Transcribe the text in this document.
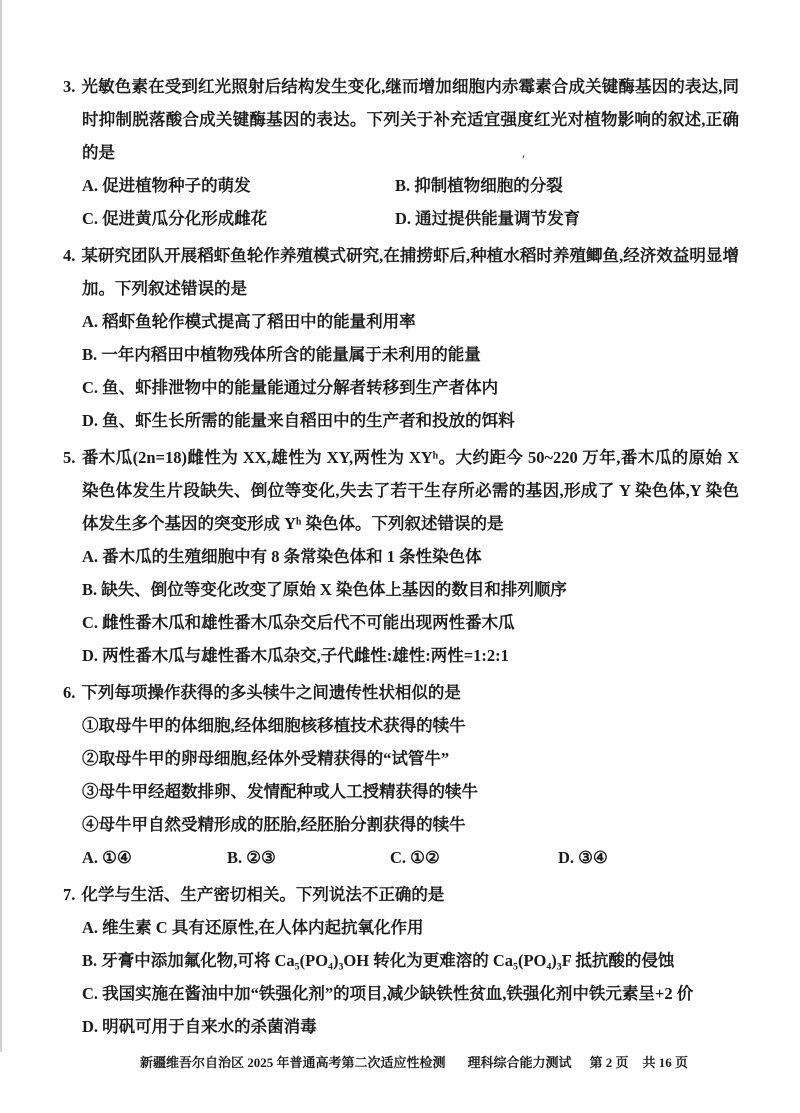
'

3. 光敏色素在受到红光照射后结构发生变化,继而增加细胞内赤霉素合成关键酶基因的表达,同时抑制脱落酸合成关键酶基因的表达。下列关于补充适宜强度红光对植物影响的叙述,正确的是

A. 促进植物种子的萌发	B. 抑制植物细胞的分裂
C. 促进黄瓜分化形成雌花	D. 通过提供能量调节发育

4. 某研究团队开展稻虾鱼轮作养殖模式研究,在捕捞虾后,种植水稻时养殖鲫鱼,经济效益明显增加。下列叙述错误的是

A. 稻虾鱼轮作模式提高了稻田中的能量利用率

B. 一年内稻田中植物残体所含的能量属于未利用的能量

C. 鱼、虾排泄物中的能量能通过分解者转移到生产者体内

D. 鱼、虾生长所需的能量来自稻田中的生产者和投放的饵料

5. 番木瓜(2n=18)雌性为 XX,雄性为 XY,两性为 XYʰ。大约距今 50~220 万年,番木瓜的原始 X 染色体发生片段缺失、倒位等变化,失去了若干生存所必需的基因,形成了 Y 染色体,Y 染色体发生多个基因的突变形成 Yʰ 染色体。下列叙述错误的是

A. 番木瓜的生殖细胞中有 8 条常染色体和 1 条性染色体

B. 缺失、倒位等变化改变了原始 X 染色体上基因的数目和排列顺序

C. 雌性番木瓜和雄性番木瓜杂交后代不可能出现两性番木瓜

D. 两性番木瓜与雄性番木瓜杂交,子代雌性:雄性:两性=1:2:1

6. 下列每项操作获得的多头犊牛之间遗传性状相似的是

①取母牛甲的体细胞,经体细胞核移植技术获得的犊牛

②取母牛甲的卵母细胞,经体外受精获得的“试管牛”

③母牛甲经超数排卵、发情配种或人工授精获得的犊牛

④母牛甲自然受精形成的胚胎,经胚胎分割获得的犊牛

A. ①④	B. ②③	C. ①②	D. ③④

7. 化学与生活、生产密切相关。下列说法不正确的是

A. 维生素 C 具有还原性,在人体内起抗氧化作用

B. 牙膏中添加氟化物,可将 Ca₅(PO₄)₃OH 转化为更难溶的 Ca₅(PO₄)₃F 抵抗酸的侵蚀

C. 我国实施在酱油中加“铁强化剂”的项目,减少缺铁性贫血,铁强化剂中铁元素呈+2 价

D. 明矾可用于自来水的杀菌消毒

新疆维吾尔自治区 2025 年普通高考第二次适应性检测 理科综合能力测试 第 2 页 共 16 页
